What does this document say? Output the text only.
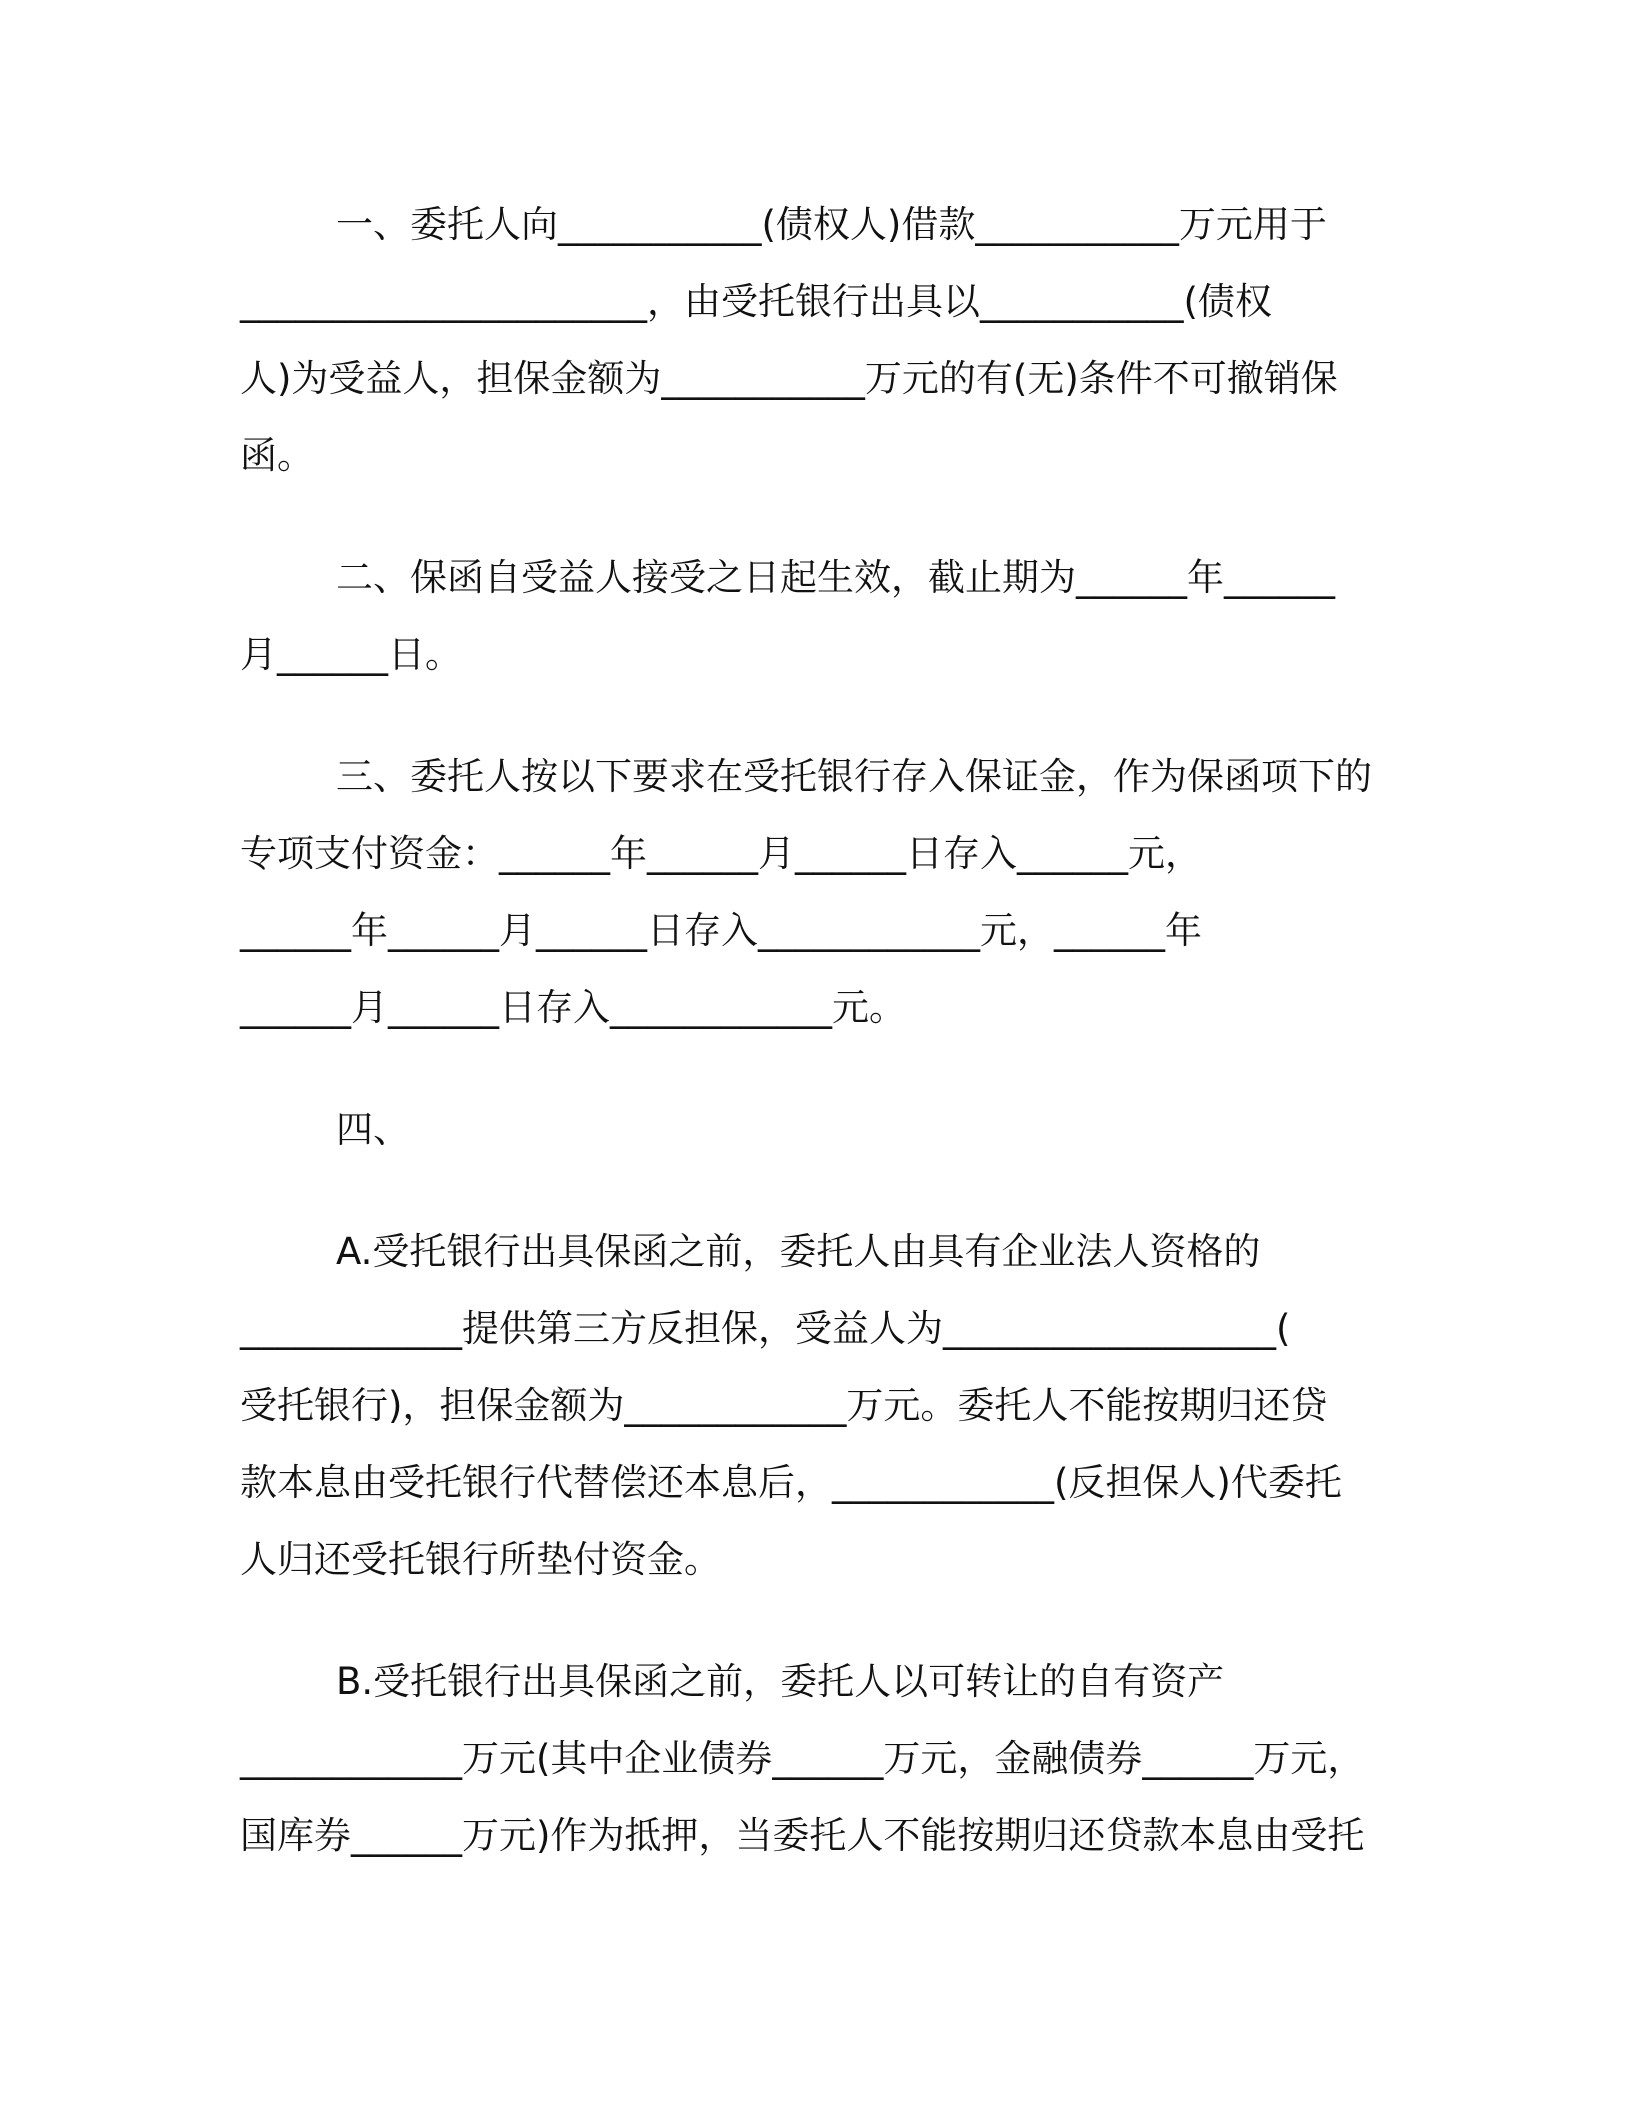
一、委托人向___________(债权人)借款___________万元用于
______________________，由受托银行出具以___________(债权
人)为受益人，担保金额为___________万元的有(无)条件不可撤销保
函。
二、保函自受益人接受之日起生效，截止期为______年______
月______日。
三、委托人按以下要求在受托银行存入保证金，作为保函项下的
专项支付资金：______年______月______日存入______元，
______年______月______日存入____________元，______年
______月______日存入____________元。
四、
A.受托银行出具保函之前，委托人由具有企业法人资格的
____________提供第三方反担保，受益人为__________________(
受托银行)，担保金额为____________万元。委托人不能按期归还贷
款本息由受托银行代替偿还本息后，____________(反担保人)代委托
人归还受托银行所垫付资金。
B.受托银行出具保函之前，委托人以可转让的自有资产
____________万元(其中企业债券______万元，金融债券______万元，
国库券______万元)作为抵押，当委托人不能按期归还贷款本息由受托
